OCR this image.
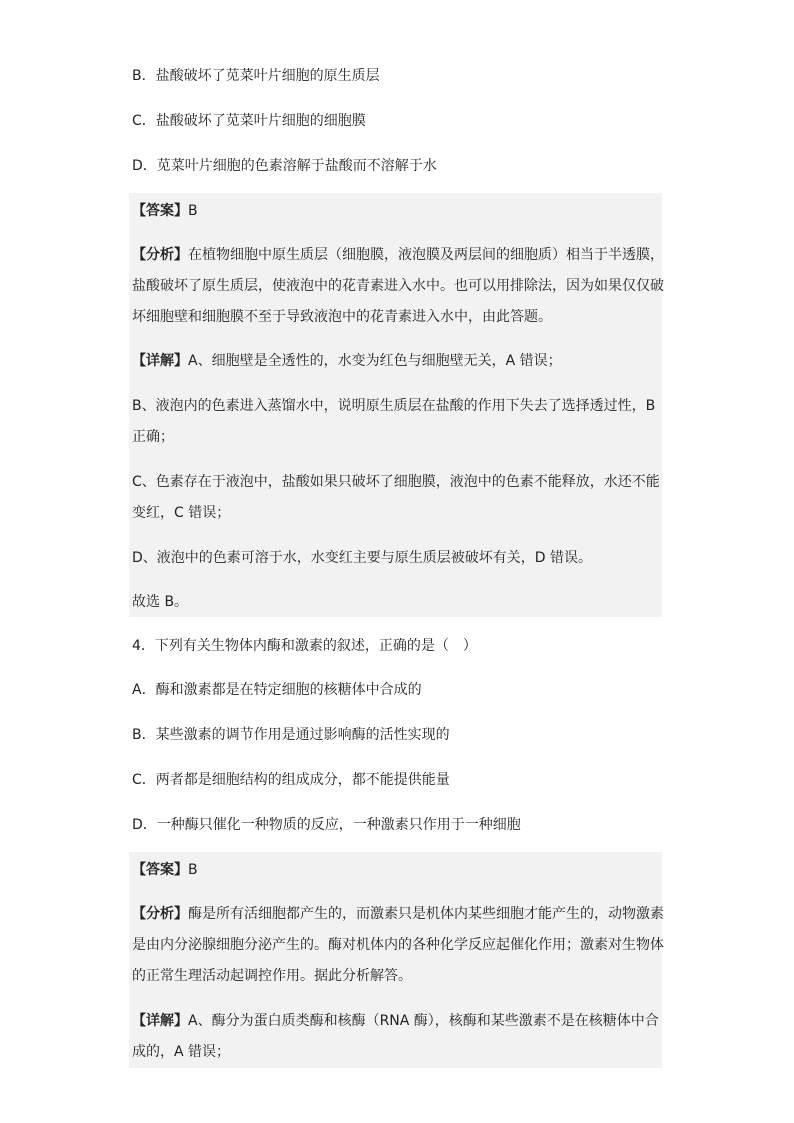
B．盐酸破坏了苋菜叶片细胞的原生质层
C．盐酸破坏了苋菜叶片细胞的细胞膜
D．苋菜叶片细胞的色素溶解于盐酸而不溶解于水
【答案】B
【分析】在植物细胞中原生质层（细胞膜，液泡膜及两层间的细胞质）相当于半透膜，
盐酸破坏了原生质层，使液泡中的花青素进入水中。也可以用排除法，因为如果仅仅破
坏细胞壁和细胞膜不至于导致液泡中的花青素进入水中，由此答题。
【详解】A、细胞壁是全透性的，水变为红色与细胞壁无关，A 错误；
B、液泡内的色素进入蒸馏水中，说明原生质层在盐酸的作用下失去了选择透过性，B
正确；
C、色素存在于液泡中，盐酸如果只破坏了细胞膜，液泡中的色素不能释放，水还不能
变红，C 错误；
D、液泡中的色素可溶于水，水变红主要与原生质层被破坏有关，D 错误。
故选 B。
4．下列有关生物体内酶和激素的叙述，正确的是（　）
A．酶和激素都是在特定细胞的核糖体中合成的
B．某些激素的调节作用是通过影响酶的活性实现的
C．两者都是细胞结构的组成成分，都不能提供能量
D．一种酶只催化一种物质的反应，一种激素只作用于一种细胞
【答案】B
【分析】酶是所有活细胞都产生的，而激素只是机体内某些细胞才能产生的，动物激素
是由内分泌腺细胞分泌产生的。酶对机体内的各种化学反应起催化作用；激素对生物体
的正常生理活动起调控作用。据此分析解答。
【详解】A、酶分为蛋白质类酶和核酶（RNA 酶），核酶和某些激素不是在核糖体中合
成的，A 错误；
